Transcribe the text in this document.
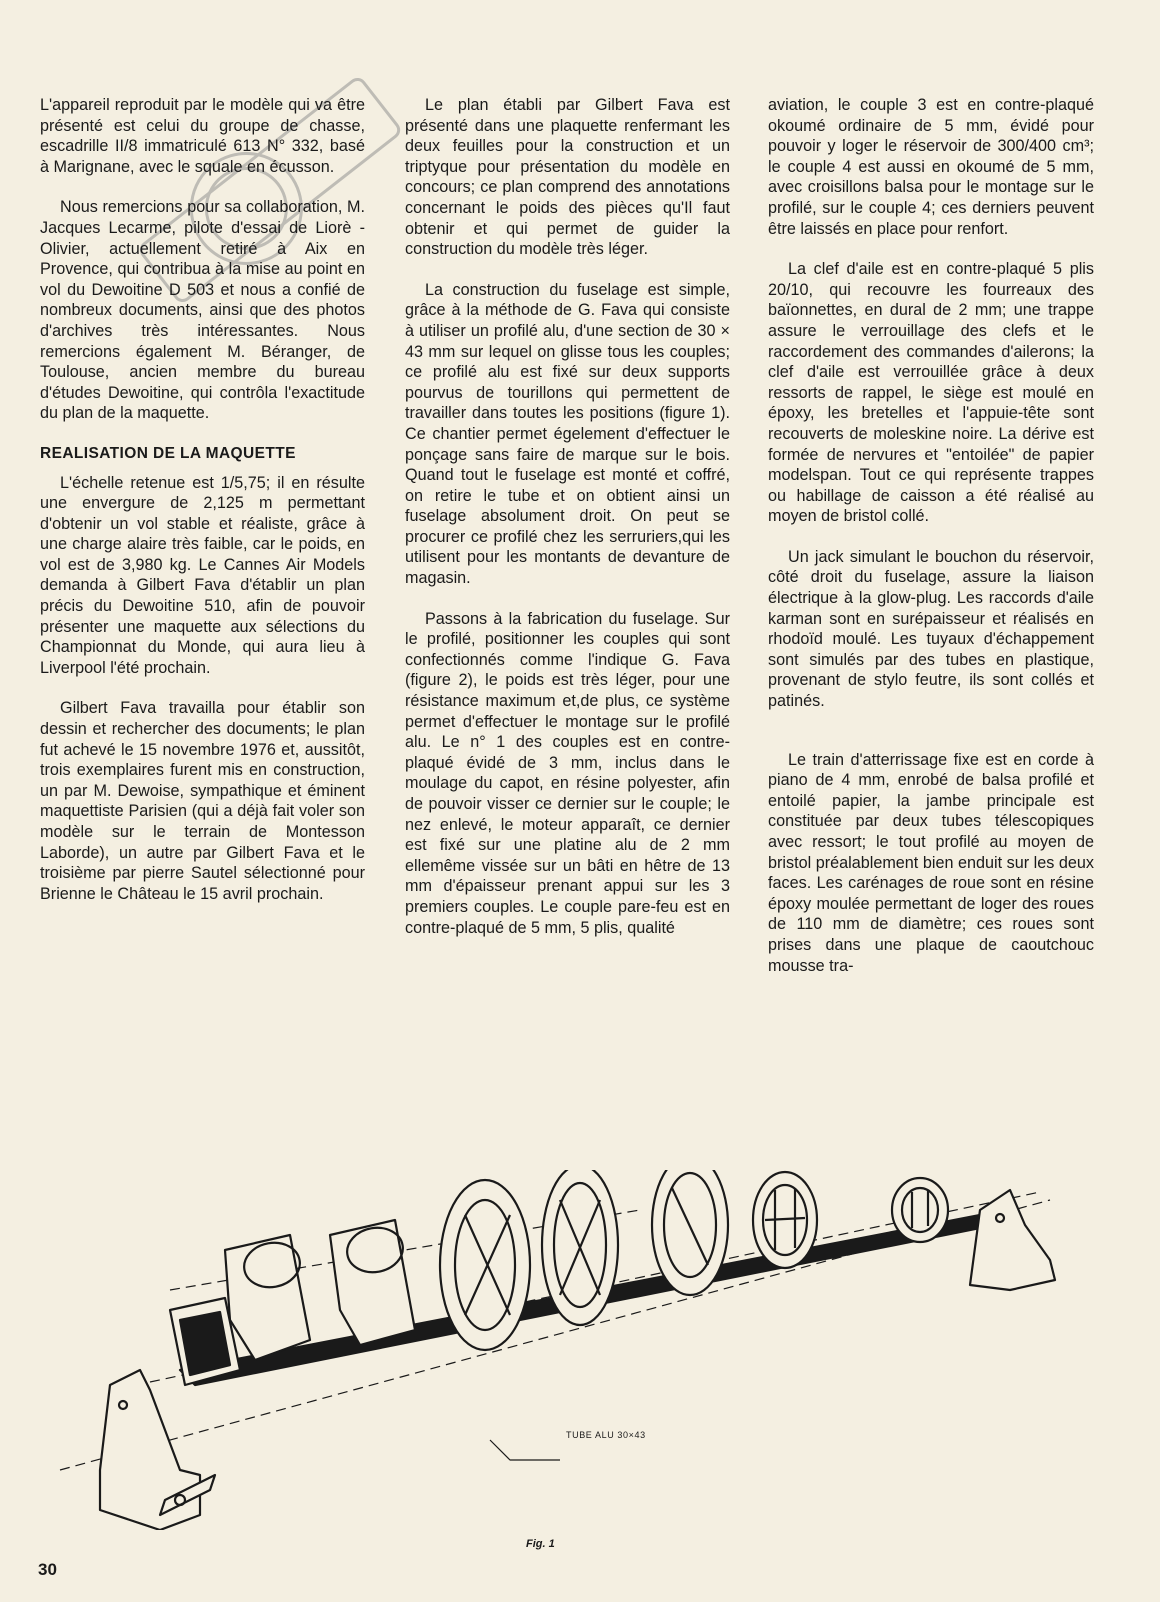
L'appareil reproduit par le modèle qui va être présenté est celui du groupe de chasse, escadrille II/8 immatriculé 613 N° 332, basé à Marignane, avec le squale en écusson.

Nous remercions pour sa collaboration, M. Jacques Lecarme, pilote d'essai de Liorè - Olivier, actuellement retiré à Aix en Provence, qui contribua à la mise au point en vol du Dewoitine D 503 et nous a confié de nombreux documents, ainsi que des photos d'archives très intéressantes. Nous remercions également M. Béranger, de Toulouse, ancien membre du bureau d'études Dewoitine, qui contrôla l'exactitude du plan de la maquette.

REALISATION DE LA MAQUETTE

L'échelle retenue est 1/5,75; il en résulte une envergure de 2,125 m permettant d'obtenir un vol stable et réaliste, grâce à une charge alaire très faible, car le poids, en vol est de 3,980 kg. Le Cannes Air Models demanda à Gilbert Fava d'établir un plan précis du Dewoitine 510, afin de pouvoir présenter une maquette aux sélections du Championnat du Monde, qui aura lieu à Liverpool l'été prochain.

Gilbert Fava travailla pour établir son dessin et rechercher des documents; le plan fut achevé le 15 novembre 1976 et, aussitôt, trois exemplaires furent mis en construction, un par M. Dewoise, sympathique et éminent maquettiste Parisien (qui a déjà fait voler son modèle sur le terrain de Montesson Laborde), un autre par Gilbert Fava et le troisième par pierre Sautel sélectionné pour Brienne le Château le 15 avril prochain.

Le plan établi par Gilbert Fava est présenté dans une plaquette renfermant les deux feuilles pour la construction et un triptyque pour présentation du modèle en concours; ce plan comprend des annotations concernant le poids des pièces qu'Il faut obtenir et qui permet de guider la construction du modèle très léger.

La construction du fuselage est simple, grâce à la méthode de G. Fava qui consiste à utiliser un profilé alu, d'une section de 30 × 43 mm sur lequel on glisse tous les couples; ce profilé alu est fixé sur deux supports pourvus de tourillons qui permettent de travailler dans toutes les positions (figure 1). Ce chantier permet égelement d'effectuer le ponçage sans faire de marque sur le bois. Quand tout le fuselage est monté et coffré, on retire le tube et on obtient ainsi un fuselage absolument droit. On peut se procurer ce profilé chez les serruriers,qui les utilisent pour les montants de devanture de magasin.

Passons à la fabrication du fuselage. Sur le profilé, positionner les couples qui sont confectionnés comme l'indique G. Fava (figure 2), le poids est très léger, pour une résistance maximum et,de plus, ce système permet d'effectuer le montage sur le profilé alu. Le n° 1 des couples est en contre-plaqué évidé de 3 mm, inclus dans le moulage du capot, en résine polyester, afin de pouvoir visser ce dernier sur le couple; le nez enlevé, le moteur apparaît, ce dernier est fixé sur une platine alu de 2 mm ellemême vissée sur un bâti en hêtre de 13 mm d'épaisseur prenant appui sur les 3 premiers couples. Le couple pare-feu est en contre-plaqué de 5 mm, 5 plis, qualité

aviation, le couple 3 est en contre-plaqué okoumé ordinaire de 5 mm, évidé pour pouvoir y loger le réservoir de 300/400 cm³; le couple 4 est aussi en okoumé de 5 mm, avec croisillons balsa pour le montage sur le profilé, sur le couple 4; ces derniers peuvent être laissés en place pour renfort.

La clef d'aile est en contre-plaqué 5 plis 20/10, qui recouvre les fourreaux des baïonnettes, en dural de 2 mm; une trappe assure le verrouillage des clefs et le raccordement des commandes d'ailerons; la clef d'aile est verrouillée grâce à deux ressorts de rappel, le siège est moulé en époxy, les bretelles et l'appuie-tête sont recouverts de moleskine noire. La dérive est formée de nervures et "entoilée" de papier modelspan. Tout ce qui représente trappes ou habillage de caisson a été réalisé au moyen de bristol collé.

Un jack simulant le bouchon du réservoir, côté droit du fuselage, assure la liaison électrique à la glow-plug. Les raccords d'aile karman sont en surépaisseur et réalisés en rhodoïd moulé. Les tuyaux d'échappement sont simulés par des tubes en plastique, provenant de stylo feutre, ils sont collés et patinés.

Le train d'atterrissage fixe est en corde à piano de 4 mm, enrobé de balsa profilé et entoilé papier, la jambe principale est constituée par deux tubes télescopiques avec ressort; le tout profilé au moyen de bristol préalablement bien enduit sur les deux faces. Les carénages de roue sont en résine époxy moulée permettant de loger des roues de 110 mm de diamètre; ces roues sont prises dans une plaque de caoutchouc mousse tra-

TUBE ALU 30×43
Fig. 1
30
